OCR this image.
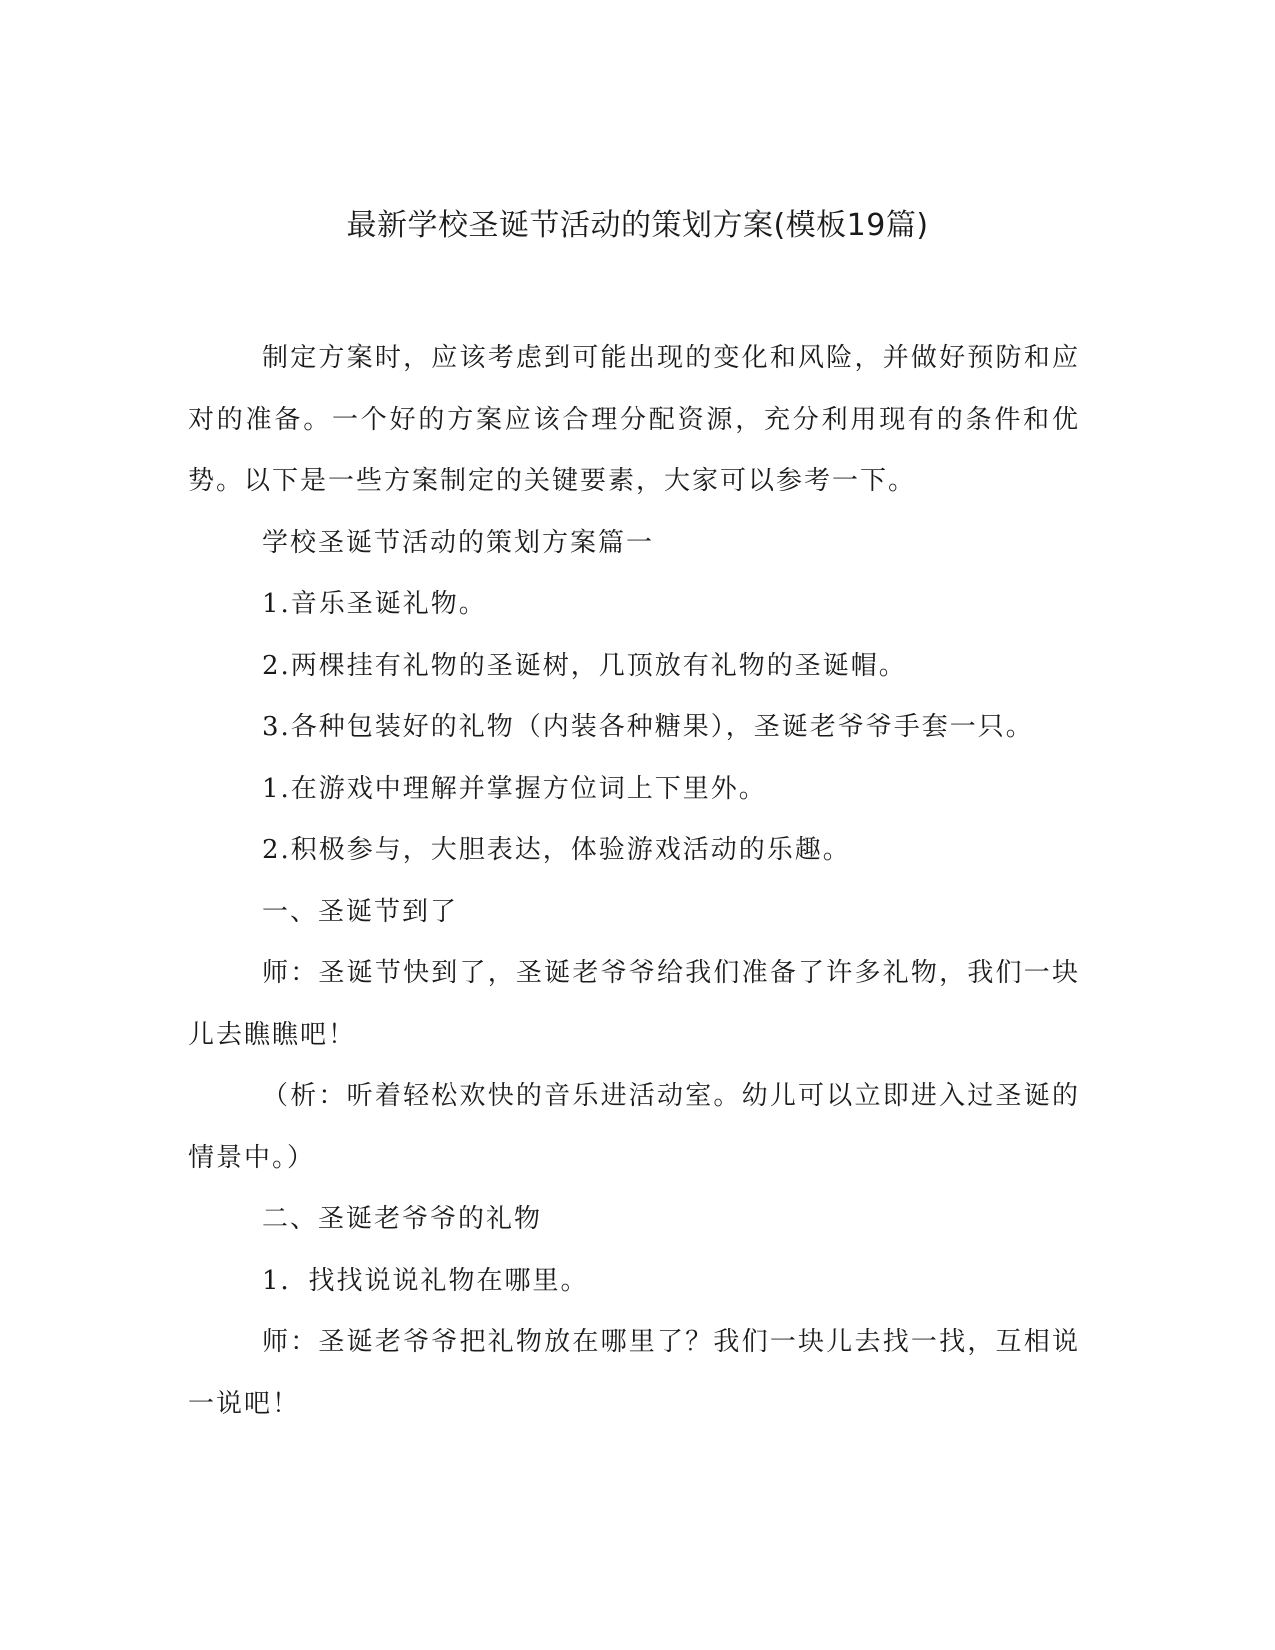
最新学校圣诞节活动的策划方案(模板19篇)

制定方案时，应该考虑到可能出现的变化和风险，并做好预防和应对的准备。一个好的方案应该合理分配资源，充分利用现有的条件和优势。以下是一些方案制定的关键要素，大家可以参考一下。

学校圣诞节活动的策划方案篇一

1.音乐圣诞礼物。

2.两棵挂有礼物的圣诞树，几顶放有礼物的圣诞帽。

3.各种包装好的礼物（内装各种糖果），圣诞老爷爷手套一只。

1.在游戏中理解并掌握方位词上下里外。

2.积极参与，大胆表达，体验游戏活动的乐趣。

一、圣诞节到了

师：圣诞节快到了，圣诞老爷爷给我们准备了许多礼物，我们一块儿去瞧瞧吧！

（析：听着轻松欢快的音乐进活动室。幼儿可以立即进入过圣诞的情景中。）

二、圣诞老爷爷的礼物

1．找找说说礼物在哪里。

师：圣诞老爷爷把礼物放在哪里了？我们一块儿去找一找，互相说一说吧！
